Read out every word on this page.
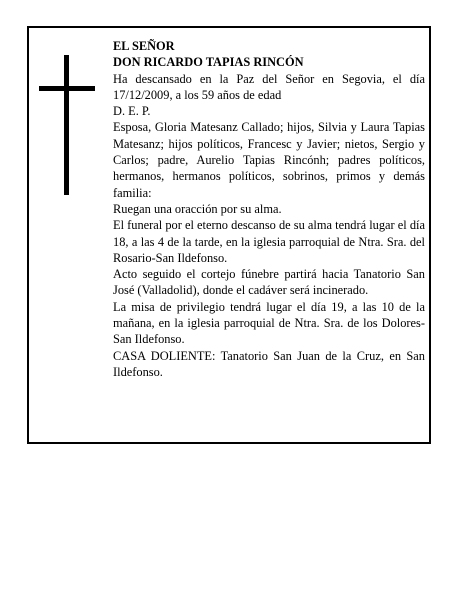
EL SEÑOR

DON RICARDO TAPIAS RINCÓN

Ha descansado en la Paz del Señor en Segovia, el día 17/12/2009, a los 59 años de edad

D. E. P.

Esposa, Gloria Matesanz Callado; hijos, Silvia y Laura Tapias Matesanz; hijos políticos, Francesc y Javier; nietos, Sergio y Carlos; padre, Aurelio Tapias Rincónh; padres políticos, hermanos, hermanos políticos, sobrinos, primos y demás familia:

Ruegan una oracción por su alma.

El funeral por el eterno descanso de su alma tendrá lugar el día 18, a las 4 de la tarde, en la iglesia parroquial de Ntra. Sra. del Rosario-San Ildefonso.

Acto seguido el cortejo fúnebre partirá hacia Tanatorio San José (Valladolid), donde el cadáver será incinerado.

La misa de privilegio tendrá lugar el día 19, a las 10 de la mañana, en la iglesia parroquial de Ntra. Sra. de los Dolores-San Ildefonso.

CASA DOLIENTE: Tanatorio San Juan de la Cruz, en San Ildefonso.
